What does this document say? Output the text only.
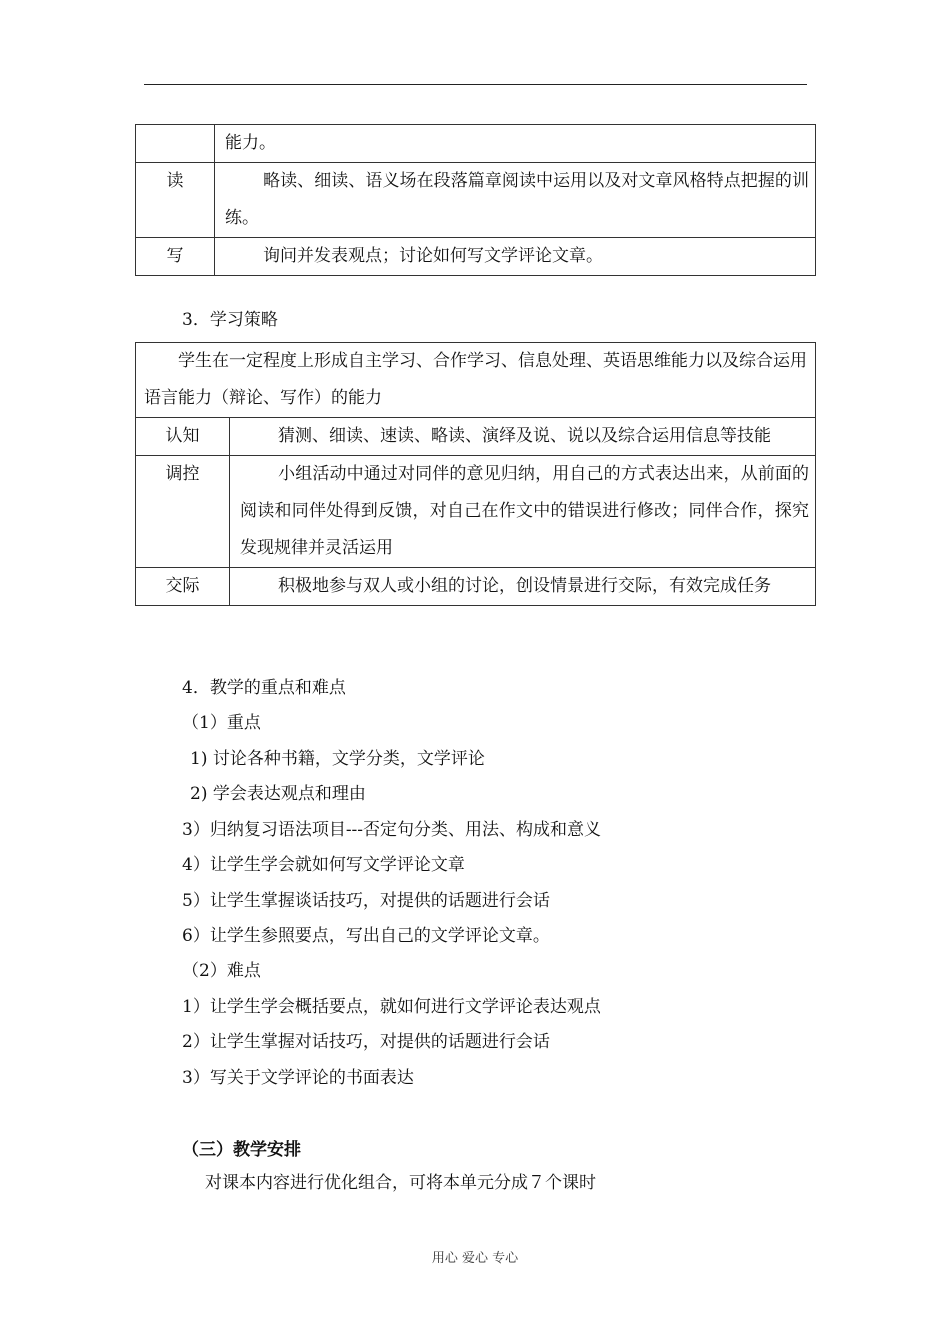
	能力。
读	略读、细读、语义场在段落篇章阅读中运用以及对文章风格特点把握的训练。
写	询问并发表观点；讨论如何写文学评论文章。
3．学习策略
学生在一定程度上形成自主学习、合作学习、信息处理、英语思维能力以及综合运用语言能力（辩论、写作）的能力	
认知	猜测、细读、速读、略读、演绎及说、说以及综合运用信息等技能
调控	小组活动中通过对同伴的意见归纳，用自己的方式表达出来，从前面的阅读和同伴处得到反馈，对自己在作文中的错误进行修改；同伴合作，探究发现规律并灵活运用
交际	积极地参与双人或小组的讨论，创设情景进行交际，有效完成任务
4．教学的重点和难点
（1）重点
1) 讨论各种书籍，文学分类，文学评论
2) 学会表达观点和理由
3）归纳复习语法项目---否定句分类、用法、构成和意义
4）让学生学会就如何写文学评论文章
5）让学生掌握谈话技巧，对提供的话题进行会话
6）让学生参照要点，写出自己的文学评论文章。
（2）难点
1）让学生学会概括要点，就如何进行文学评论表达观点
2）让学生掌握对话技巧，对提供的话题进行会话
3）写关于文学评论的书面表达
（三）教学安排
对课本内容进行优化组合，可将本单元分成７个课时
用心 爱心 专心
